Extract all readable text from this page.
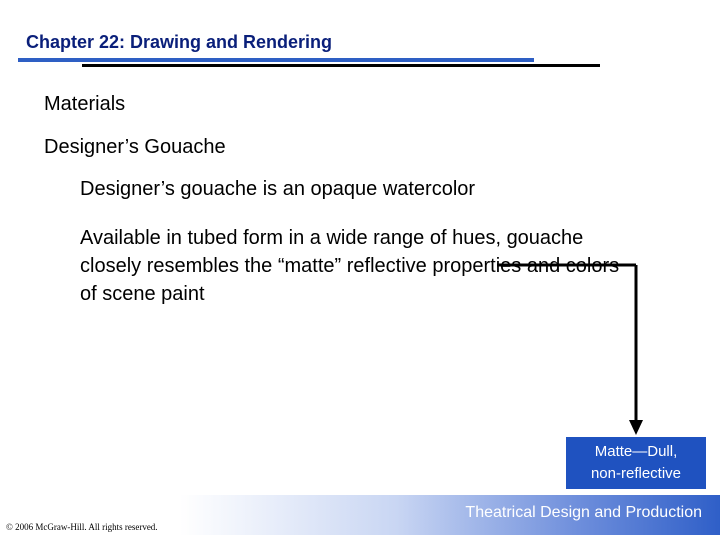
Chapter 22: Drawing and Rendering
Materials
Designer’s Gouache
Designer’s gouache is an opaque watercolor
Available in tubed form in a wide range of hues, gouache closely resembles the “matte” reflective properties and colors of scene paint
Matte—Dull,
non-reflective
Theatrical Design and Production
© 2006 McGraw-Hill. All rights reserved.
